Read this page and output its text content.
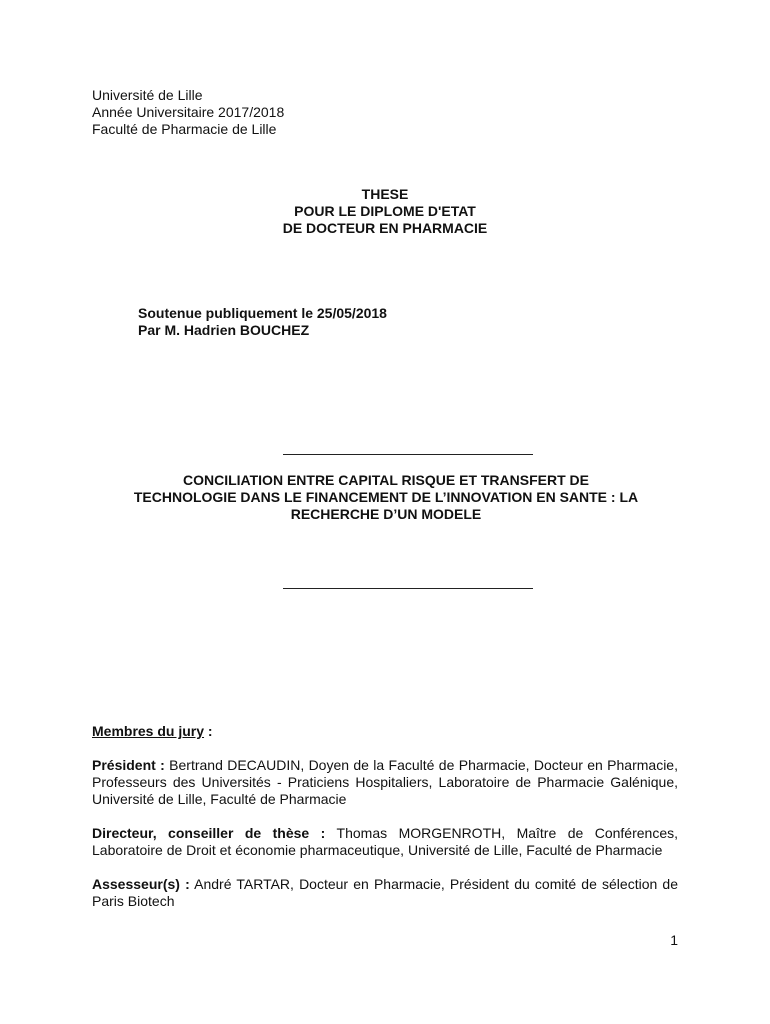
Université de Lille
Année Universitaire 2017/2018
Faculté de Pharmacie de Lille
THESE
POUR LE DIPLOME D'ETAT
DE DOCTEUR EN PHARMACIE
Soutenue publiquement le 25/05/2018
Par M. Hadrien BOUCHEZ
CONCILIATION ENTRE CAPITAL RISQUE ET TRANSFERT DE
TECHNOLOGIE DANS LE FINANCEMENT DE L’INNOVATION EN SANTE : LA
RECHERCHE D’UN MODELE
Membres du jury :

Président : Bertrand DECAUDIN, Doyen de la Faculté de Pharmacie, Docteur en Pharmacie, Professeurs des Universités - Praticiens Hospitaliers, Laboratoire de Pharmacie Galénique, Université de Lille, Faculté de Pharmacie

Directeur, conseiller de thèse : Thomas MORGENROTH, Maître de Conférences, Laboratoire de Droit et économie pharmaceutique, Université de Lille, Faculté de Pharmacie

Assesseur(s) : André TARTAR, Docteur en Pharmacie, Président du comité de sélection de Paris Biotech

1
